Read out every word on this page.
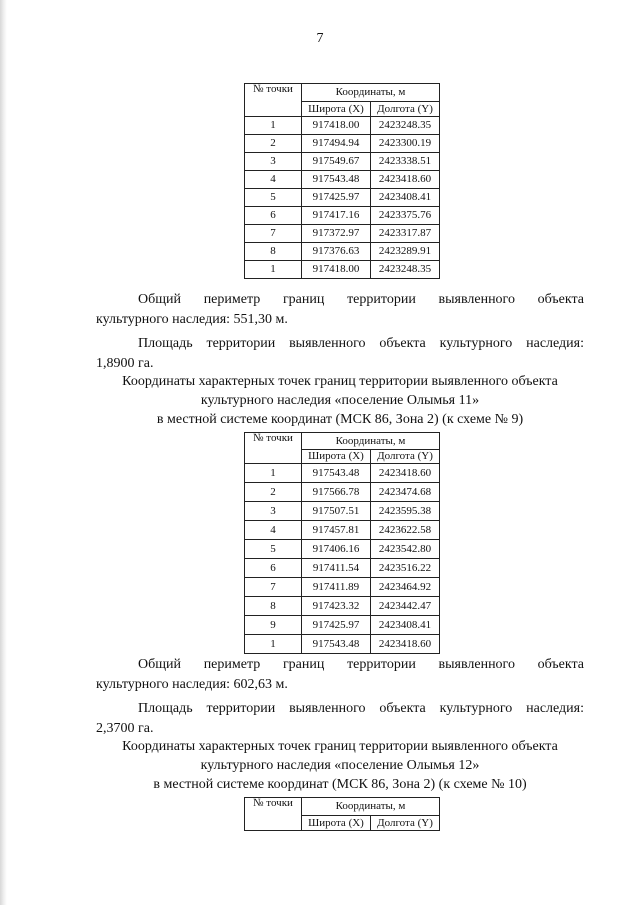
7
№ точки	Координаты, м	
	Широта (X)	Долгота (Y)
1	917418.00	2423248.35
2	917494.94	2423300.19
3	917549.67	2423338.51
4	917543.48	2423418.60
5	917425.97	2423408.41
6	917417.16	2423375.76
7	917372.97	2423317.87
8	917376.63	2423289.91
1	917418.00	2423248.35

Общий периметр границ территории выявленного объекта
культурного наследия: 551,30 м.
Площадь территории выявленного объекта культурного наследия:
1,8900 га.

Координаты характерных точек границ территории выявленного объекта
культурного наследия «поселение Олымья 11»
в местной системе координат (МСК 86, Зона 2) (к схеме № 9)
№ точки	Координаты, м	
	Широта (X)	Долгота (Y)
1	917543.48	2423418.60
2	917566.78	2423474.68
3	917507.51	2423595.38
4	917457.81	2423622.58
5	917406.16	2423542.80
6	917411.54	2423516.22
7	917411.89	2423464.92
8	917423.32	2423442.47
9	917425.97	2423408.41
1	917543.48	2423418.60

Общий периметр границ территории выявленного объекта
культурного наследия: 602,63 м.
Площадь территории выявленного объекта культурного наследия:
2,3700 га.

Координаты характерных точек границ территории выявленного объекта
культурного наследия «поселение Олымья 12»
в местной системе координат (МСК 86, Зона 2) (к схеме № 10)
№ точки	Координаты, м	
	Широта (X)	Долгота (Y)
